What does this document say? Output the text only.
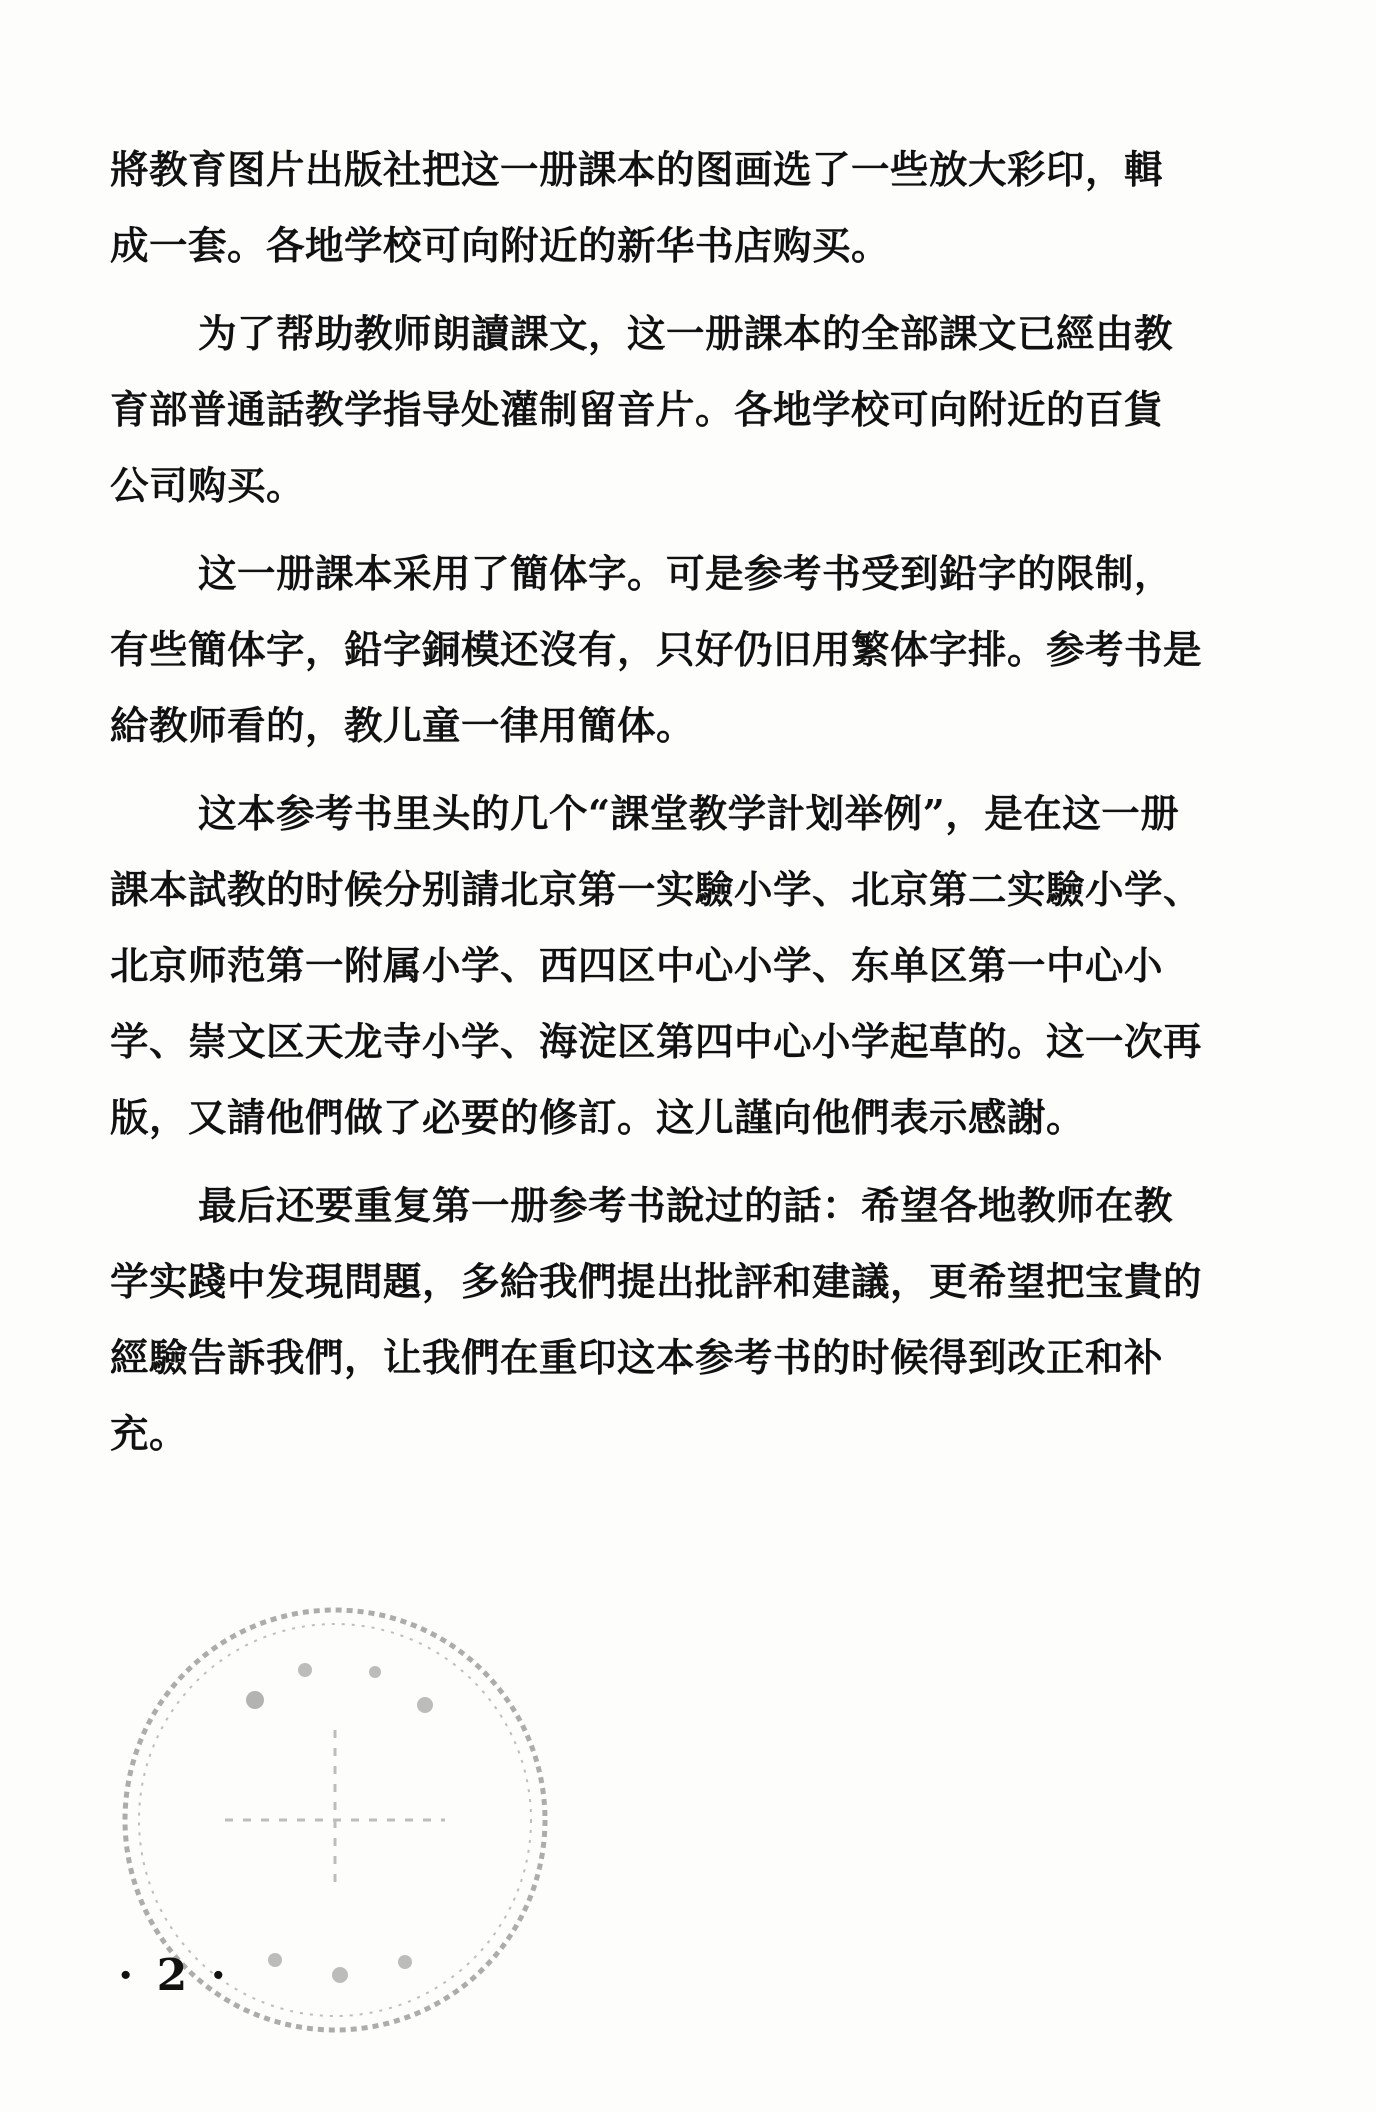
將教育图片出版社把这一册課本的图画选了一些放大彩印，輯
成一套。各地学校可向附近的新华书店购买。
为了帮助教师朗讀課文，这一册課本的全部課文已經由教
育部普通話教学指导处灌制留音片。各地学校可向附近的百貨
公司购买。
这一册課本采用了簡体字。可是参考书受到鉛字的限制，
有些簡体字，鉛字銅模还沒有，只好仍旧用繁体字排。参考书是
給教师看的，教儿童一律用簡体。
这本参考书里头的几个“課堂教学計划举例”，是在这一册
課本試教的时候分别請北京第一实驗小学、北京第二实驗小学、
北京师范第一附属小学、西四区中心小学、东单区第一中心小
学、崇文区天龙寺小学、海淀区第四中心小学起草的。这一次再
版，又請他們做了必要的修訂。这儿謹向他們表示感謝。
最后还要重复第一册参考书說过的話：希望各地教师在教
学实踐中发現問題，多給我們提出批評和建議，更希望把宝貴的
經驗告訴我們，让我們在重印这本参考书的时候得到改正和补
充。
· 2 ·
